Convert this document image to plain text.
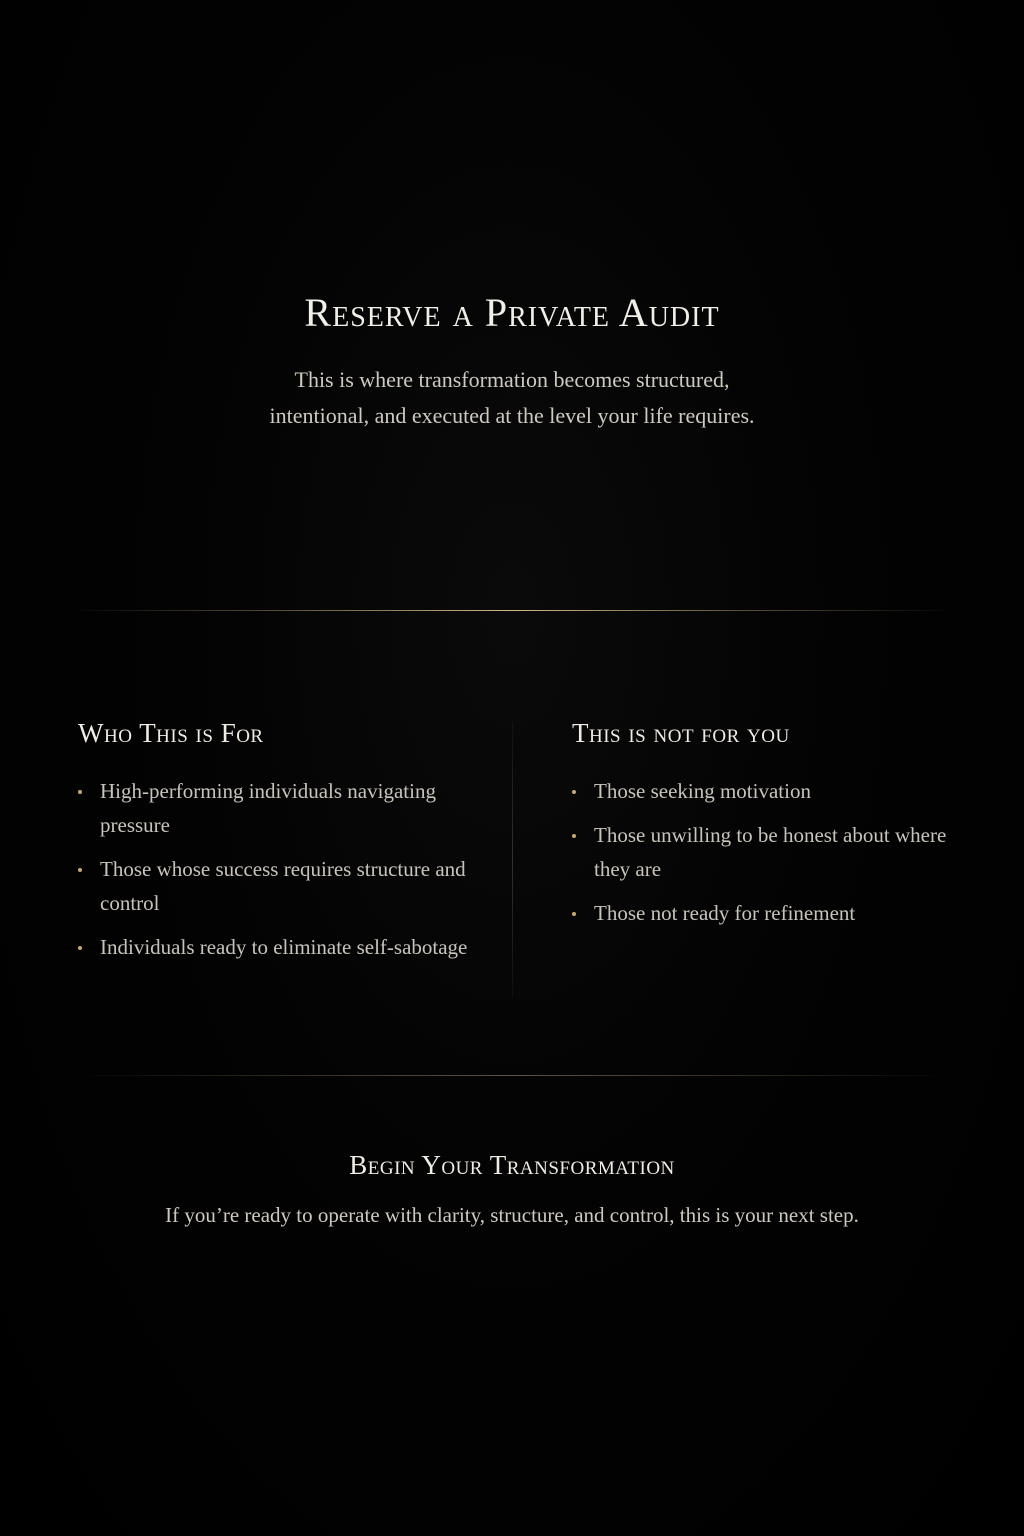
Reserve a Private Audit

This is where transformation becomes structured,
intentional, and executed at the level your life requires.

Who This is For
High-performing individuals navigating pressure
Those whose success requires structure and control
Individuals ready to eliminate self-sabotage
This is not for you
Those seeking motivation
Those unwilling to be honest about where they are
Those not ready for refinement
Begin Your Transformation

If you’re ready to operate with clarity, structure, and control, this is your next step.
